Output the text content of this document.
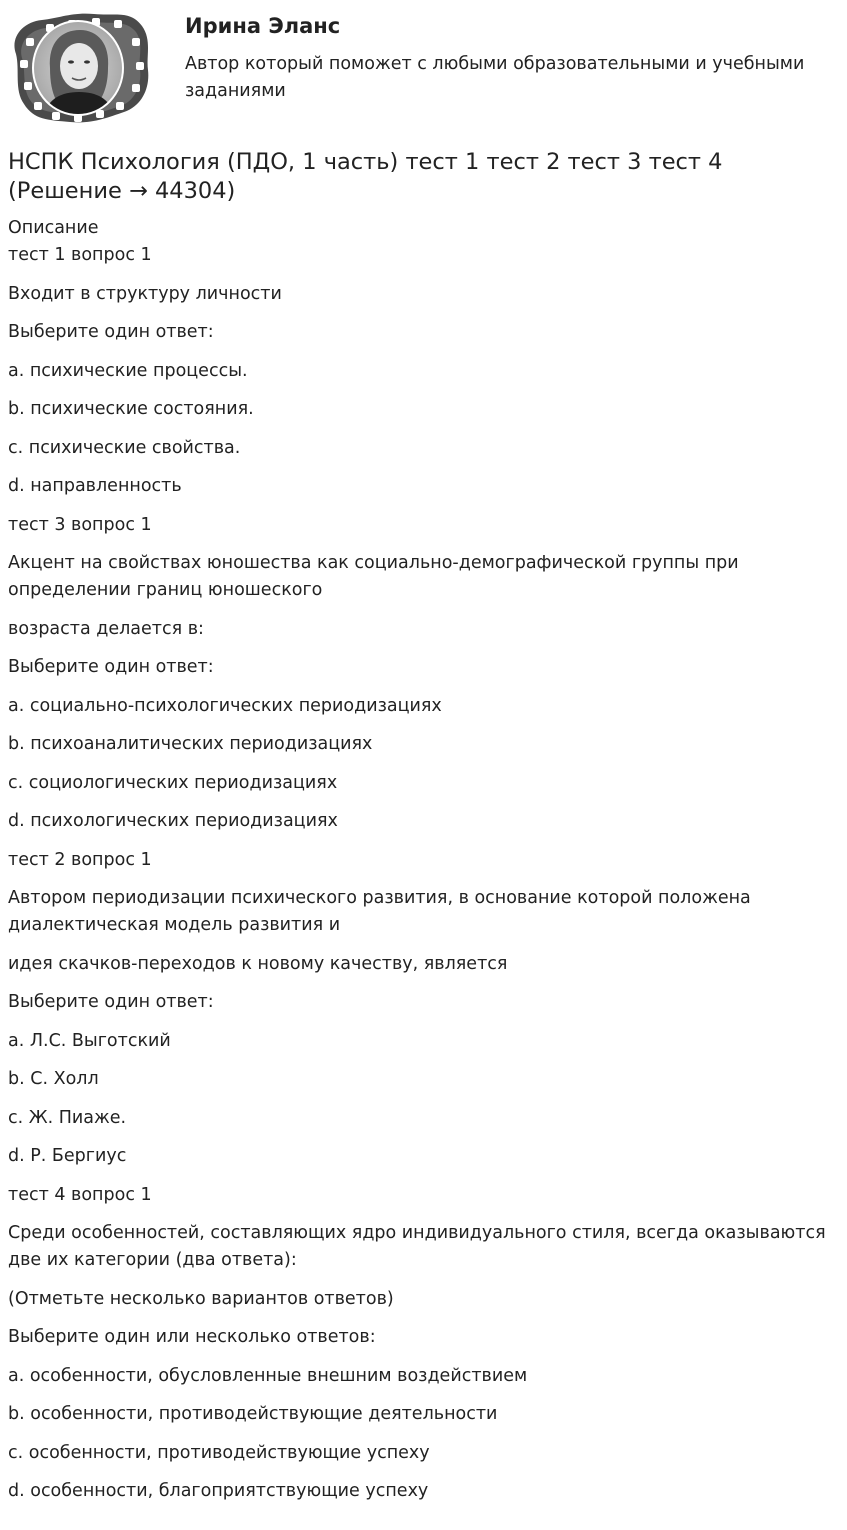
Ирина Эланс
Автор который поможет с любыми образовательными и учебными заданиями
НСПК Психология (ПДО, 1 часть) тест 1 тест 2 тест 3 тест 4 (Решение → 44304)
Описание
тест 1 вопрос 1
Входит в структуру личности
Выберите один ответ:
a. психические процессы.
b. психические состояния.
c. психические свойства.
d. направленность
тест 3 вопрос 1
Акцент на свойствах юношества как социально-демографической группы при определении границ юношеского
возраста делается в:
Выберите один ответ:
a. социально-психологических периодизациях
b. психоаналитических периодизациях
c. социологических периодизациях
d. психологических периодизациях
тест 2 вопрос 1
Автором периодизации психического развития, в основание которой положена диалектическая модель развития и
идея скачков-переходов к новому качеству, является
Выберите один ответ:
a. Л.С. Выготский
b. С. Холл
c. Ж. Пиаже.
d. Р. Бергиус
тест 4 вопрос 1
Среди особенностей, составляющих ядро индивидуального стиля, всегда оказываются две их категории (два ответа):
(Отметьте несколько вариантов ответов)
Выберите один или несколько ответов:
a. особенности, обусловленные внешним воздействием
b. особенности, противодействующие деятельности
c. особенности, противодействующие успеху
d. особенности, благоприятствующие успеху
